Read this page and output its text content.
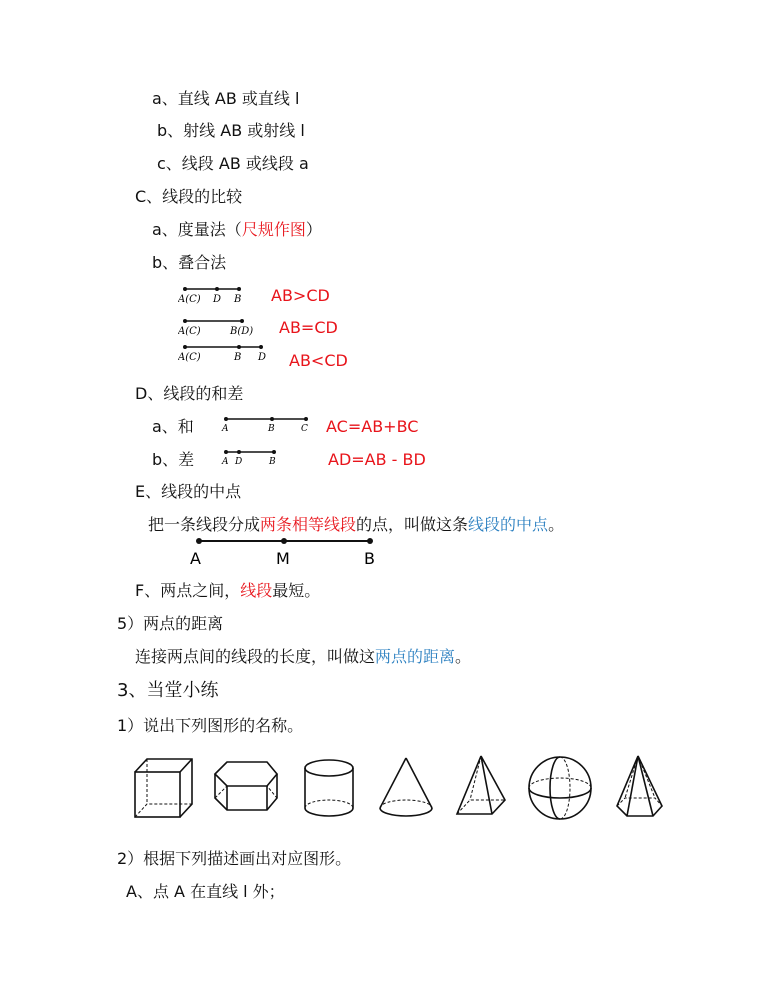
a、直线 AB 或直线 l
b、射线 AB 或射线 l
c、线段 AB 或线段 a
C、线段的比较
a、度量法（尺规作图）
b、叠合法
A(C) D B AB>CD
A(C)	B(D) AB=CD
A(C)	B D AB<CD
D、线段的和差
a、和	A	B	C AC=AB+BC
b、差	A D	B	AD=AB - BD
E、线段的中点
把一条线段分成两条相等线段的点，叫做这条线段的中点。
A	M	B
F、两点之间，线段最短。
5）两点的距离
连接两点间的线段的长度，叫做这两点的距离。
3、当堂小练
1）说出下列图形的名称。
2）根据下列描述画出对应图形。
A、点 A 在直线 l 外；
